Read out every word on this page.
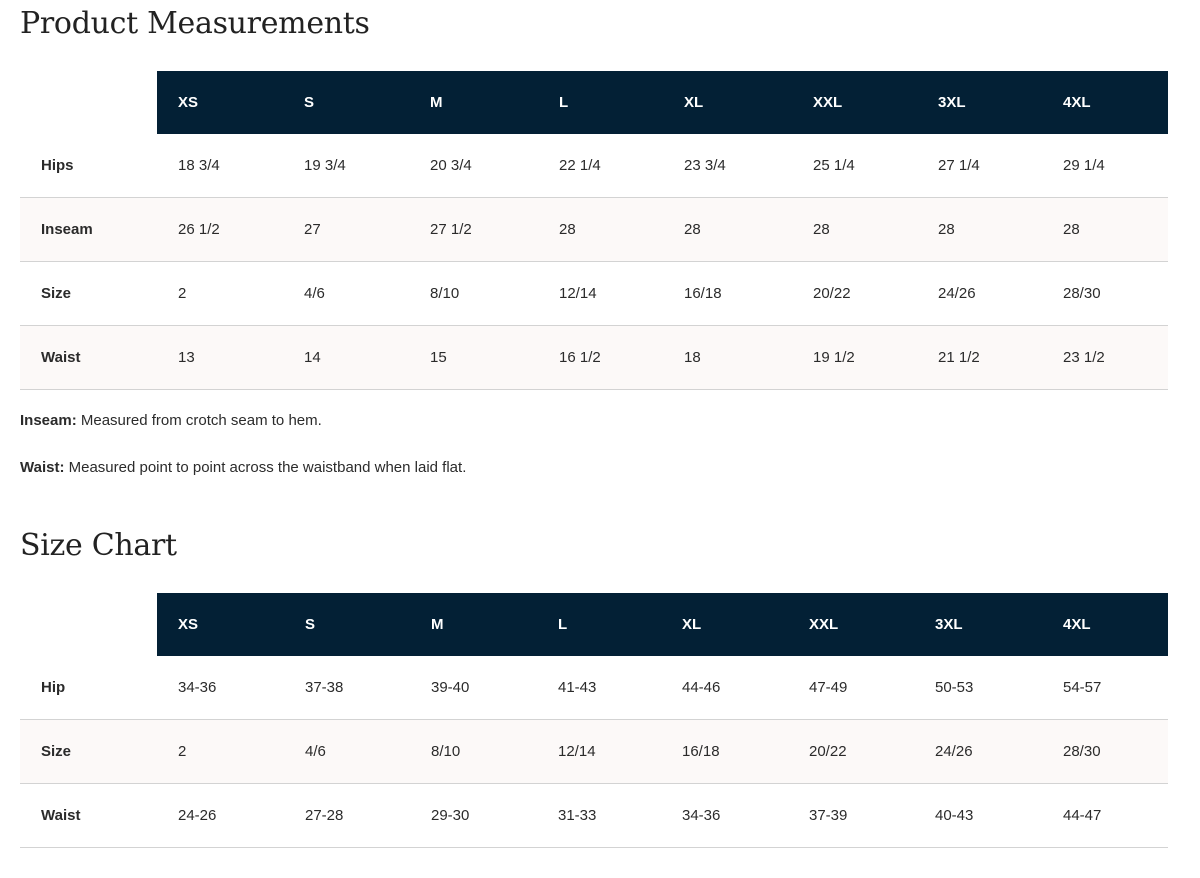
Product Measurements
	XS	S	M	L	XL	XXL	3XL	4XL
Hips	18 3/4	19 3/4	20 3/4	22 1/4	23 3/4	25 1/4	27 1/4	29 1/4
Inseam	26 1/2	27	27 1/2	28	28	28	28	28
Size	2	4/6	8/10	12/14	16/18	20/22	24/26	28/30
Waist	13	14	15	16 1/2	18	19 1/2	21 1/2	23 1/2

Inseam: Measured from crotch seam to hem.

Waist: Measured point to point across the waistband when laid flat.

Size Chart
	XS	S	M	L	XL	XXL	3XL	4XL
Hip	34-36	37-38	39-40	41-43	44-46	47-49	50-53	54-57
Size	2	4/6	8/10	12/14	16/18	20/22	24/26	28/30
Waist	24-26	27-28	29-30	31-33	34-36	37-39	40-43	44-47
